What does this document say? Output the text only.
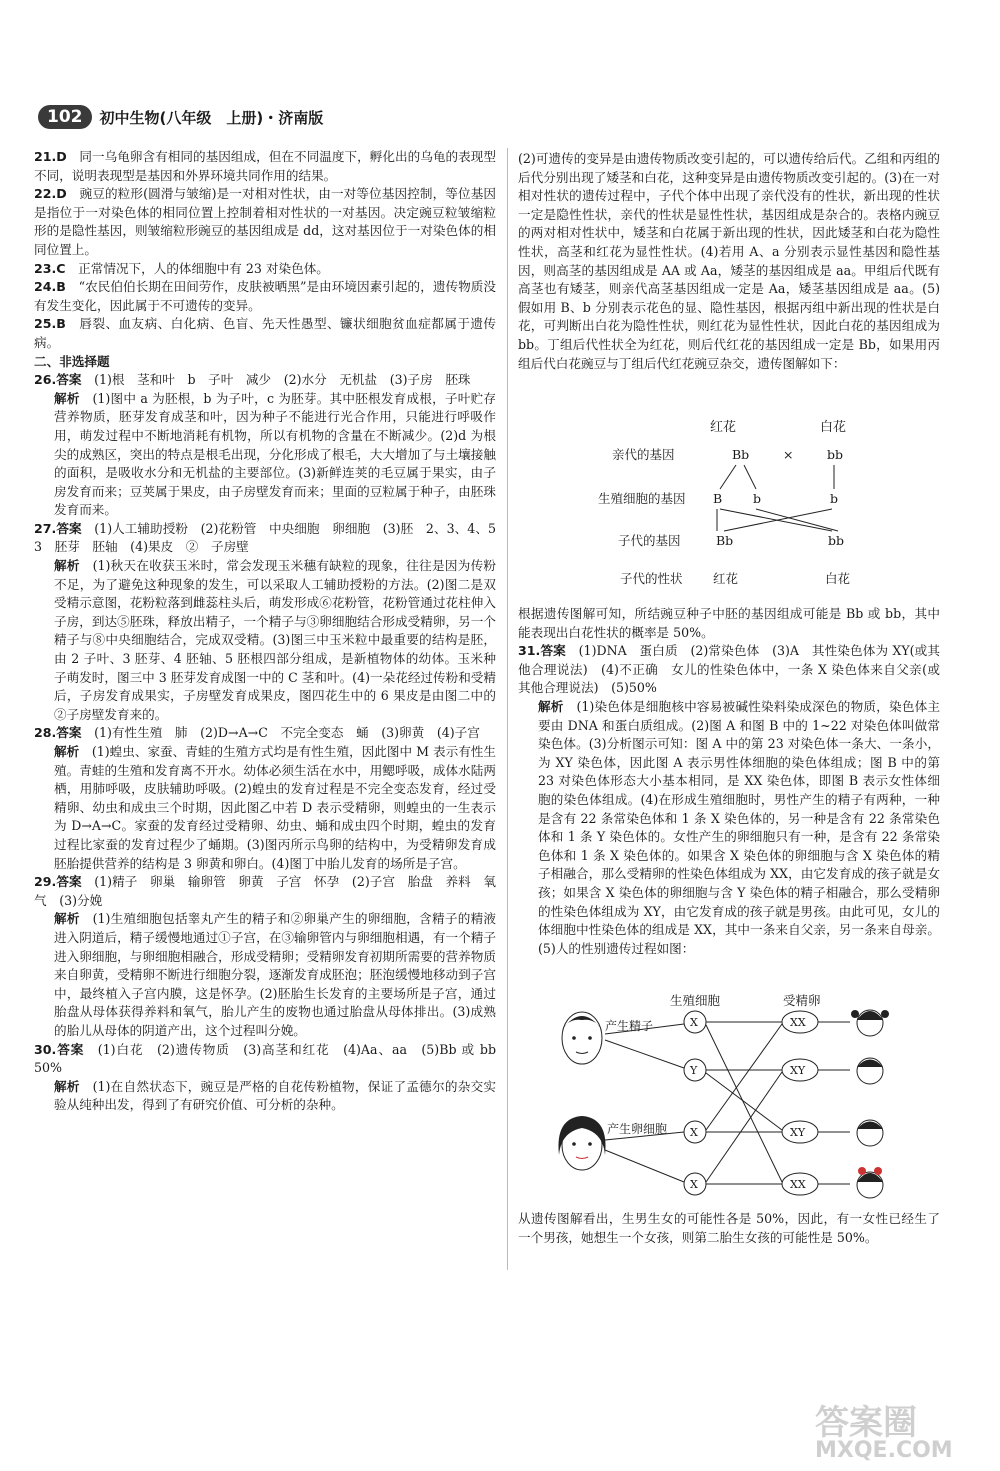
102	初中生物(八年级　上册)・济南版

21.D　 同一乌龟卵含有相同的基因组成，但在不同温度下，孵化出的乌龟的表现型不同，说明表现型是基因和外界环境共同作用的结果。

22.D　 豌豆的粒形(圆滑与皱缩)是一对相对性状，由一对等位基因控制，等位基因是指位于一对染色体的相同位置上控制着相对性状的一对基因。决定豌豆粒皱缩粒形的是隐性基因，则皱缩粒形豌豆的基因组成是 dd，这对基因位于一对染色体的相同位置上。

23.C　 正常情况下，人的体细胞中有 23 对染色体。

24.B　 “农民伯伯长期在田间劳作，皮肤被晒黑”是由环境因素引起的，遗传物质没有发生变化，因此属于不可遗传的变异。

25.B　 唇裂、血友病、白化病、色盲、先天性愚型、镰状细胞贫血症都属于遗传病。

二、非选择题

26.答案　 (1)根　茎和叶　b　子叶　减少　(2)水分　无机盐　(3)子房　胚珠

解析　 (1)图中 a 为胚根，b 为子叶，c 为胚芽。其中胚根发育成根，子叶贮存营养物质，胚芽发育成茎和叶，因为种子不能进行光合作用，只能进行呼吸作用，萌发过程中不断地消耗有机物，所以有机物的含量在不断减少。(2)d 为根尖的成熟区，突出的特点是根毛出现，分化形成了根毛，大大增加了与土壤接触的面积，是吸收水分和无机盐的主要部位。(3)新鲜连荚的毛豆属于果实，由子房发育而来；豆荚属于果皮，由子房壁发育而来；里面的豆粒属于种子，由胚珠发育而来。

27.答案　 (1)人工辅助授粉　(2)花粉管　中央细胞　卵细胞　(3)胚　2、3、4、5　3　胚芽　胚轴　(4)果皮　②　子房壁

解析　 (1)秋天在收获玉米时，常会发现玉米穗有缺粒的现象，往往是因为传粉不足，为了避免这种现象的发生，可以采取人工辅助授粉的方法。(2)图二是双受精示意图，花粉粒落到雌蕊柱头后，萌发形成⑥花粉管，花粉管通过花柱伸入子房，到达⑤胚珠，释放出精子，一个精子与③卵细胞结合形成受精卵，另一个精子与⑧中央细胞结合，完成双受精。(3)图三中玉米粒中最重要的结构是胚，由 2 子叶、3 胚芽、4 胚轴、5 胚根四部分组成，是新植物体的幼体。玉米种子萌发时，图三中 3 胚芽发育成图一中的 C 茎和叶。(4)一朵花经过传粉和受精后，子房发育成果实，子房壁发育成果皮，图四花生中的 6 果皮是由图二中的②子房壁发育来的。

28.答案　 (1)有性生殖　肺　(2)D→A→C　不完全变态　蛹　(3)卵黄　(4)子宫

解析　 (1)蝗虫、家蚕、青蛙的生殖方式均是有性生殖，因此图中 M 表示有性生殖。青蛙的生殖和发育离不开水。幼体必须生活在水中，用鳃呼吸，成体水陆两栖，用肺呼吸，皮肤辅助呼吸。(2)蝗虫的发育过程是不完全变态发育，经过受精卵、幼虫和成虫三个时期，因此图乙中若 D 表示受精卵，则蝗虫的一生表示为 D→A→C。家蚕的发育经过受精卵、幼虫、蛹和成虫四个时期，蝗虫的发育过程比家蚕的发育过程少了蛹期。(3)图丙所示鸟卵的结构中，为受精卵发育成胚胎提供营养的结构是 3 卵黄和卵白。(4)图丁中胎儿发育的场所是子宫。

29.答案　 (1)精子　卵巢　输卵管　卵黄　子宫　怀孕　(2)子宫　胎盘　养料　氧气　(3)分娩

解析　 (1)生殖细胞包括睾丸产生的精子和②卵巢产生的卵细胞，含精子的精液进入阴道后，精子缓慢地通过①子宫，在③输卵管内与卵细胞相遇，有一个精子进入卵细胞，与卵细胞相融合，形成受精卵；受精卵发育初期所需要的营养物质来自卵黄，受精卵不断进行细胞分裂，逐渐发育成胚泡；胚泡缓慢地移动到子宫中，最终植入子宫内膜，这是怀孕。(2)胚胎生长发育的主要场所是子宫，通过胎盘从母体获得养料和氧气，胎儿产生的废物也通过胎盘从母体排出。(3)成熟的胎儿从母体的阴道产出，这个过程叫分娩。

30.答案　 (1)白花　(2)遗传物质　(3)高茎和红花　(4)Aa、aa　(5)Bb 或 bb　50%

解析　 (1)在自然状态下，豌豆是严格的自花传粉植物，保证了孟德尔的杂交实验从纯种出发，得到了有研究价值、可分析的杂种。

(2)可遗传的变异是由遗传物质改变引起的，可以遗传给后代。乙组和丙组的后代分别出现了矮茎和白花，这种变异是由遗传物质改变引起的。(3)在一对相对性状的遗传过程中，子代个体中出现了亲代没有的性状，新出现的性状一定是隐性性状，亲代的性状是显性性状，基因组成是杂合的。表格内豌豆的两对相对性状中，矮茎和白花属于新出现的性状，因此矮茎和白花为隐性性状，高茎和红花为显性性状。(4)若用 A、a 分别表示显性基因和隐性基因，则高茎的基因组成是 AA 或 Aa，矮茎的基因组成是 aa。甲组后代既有高茎也有矮茎，则亲代高茎基因组成一定是 Aa，矮茎基因组成是 aa。(5)假如用 B、b 分别表示花色的显、隐性基因，根据丙组中新出现的性状是白花，可判断出白花为隐性性状，则红花为显性性状，因此白花的基因组成为 bb。丁组后代性状全为红花，则后代红花的基因组成一定是 Bb，如果用丙组后代白花豌豆与丁组后代红花豌豆杂交，遗传图解如下：

红花	白花
亲代的基因	Bb	×	bb
生殖细胞的基因 B b	b
子代的基因	Bb	bb
子代的性状 红花	白花

根据遗传图解可知，所结豌豆种子中胚的基因组成可能是 Bb 或 bb，其中能表现出白花性状的概率是 50%。

31.答案　 (1)DNA　蛋白质　(2)常染色体　(3)A　其性染色体为 XY(或其他合理说法)　(4)不正确　女儿的性染色体中，一条 X 染色体来自父亲(或其他合理说法)　(5)50%

解析　 (1)染色体是细胞核中容易被碱性染料染成深色的物质，染色体主要由 DNA 和蛋白质组成。(2)图 A 和图 B 中的 1~22 对染色体叫做常染色体。(3)分析图示可知：图 A 中的第 23 对染色体一条大、一条小，为 XY 染色体，因此图 A 表示男性体细胞的染色体组成；图 B 中的第 23 对染色体形态大小基本相同，是 XX 染色体，即图 B 表示女性体细胞的染色体组成。(4)在形成生殖细胞时，男性产生的精子有两种，一种是含有 22 条常染色体和 1 条 X 染色体的，另一种是含有 22 条常染色体和 1 条 Y 染色体的。女性产生的卵细胞只有一种，是含有 22 条常染色体和 1 条 X 染色体的。如果含 X 染色体的卵细胞与含 X 染色体的精子相融合，那么受精卵的性染色体组成为 XX，由它发育成的孩子就是女孩；如果含 X 染色体的卵细胞与含 Y 染色体的精子相融合，那么受精卵的性染色体组成为 XY，由它发育成的孩子就是男孩。由此可见，女儿的体细胞中性染色体的组成是 XX，其中一条来自父亲，另一条来自母亲。(5)人的性别遗传过程如图：

生殖细胞	受精卵
产生精子
产生卵细胞
X
Y
X
X
XX
XY
XY
XX

从遗传图解看出，生男生女的可能性各是 50%，因此，有一女性已经生了一个男孩，她想生一个女孩，则第二胎生女孩的可能性是 50%。

答案圈
MXQE.COM
